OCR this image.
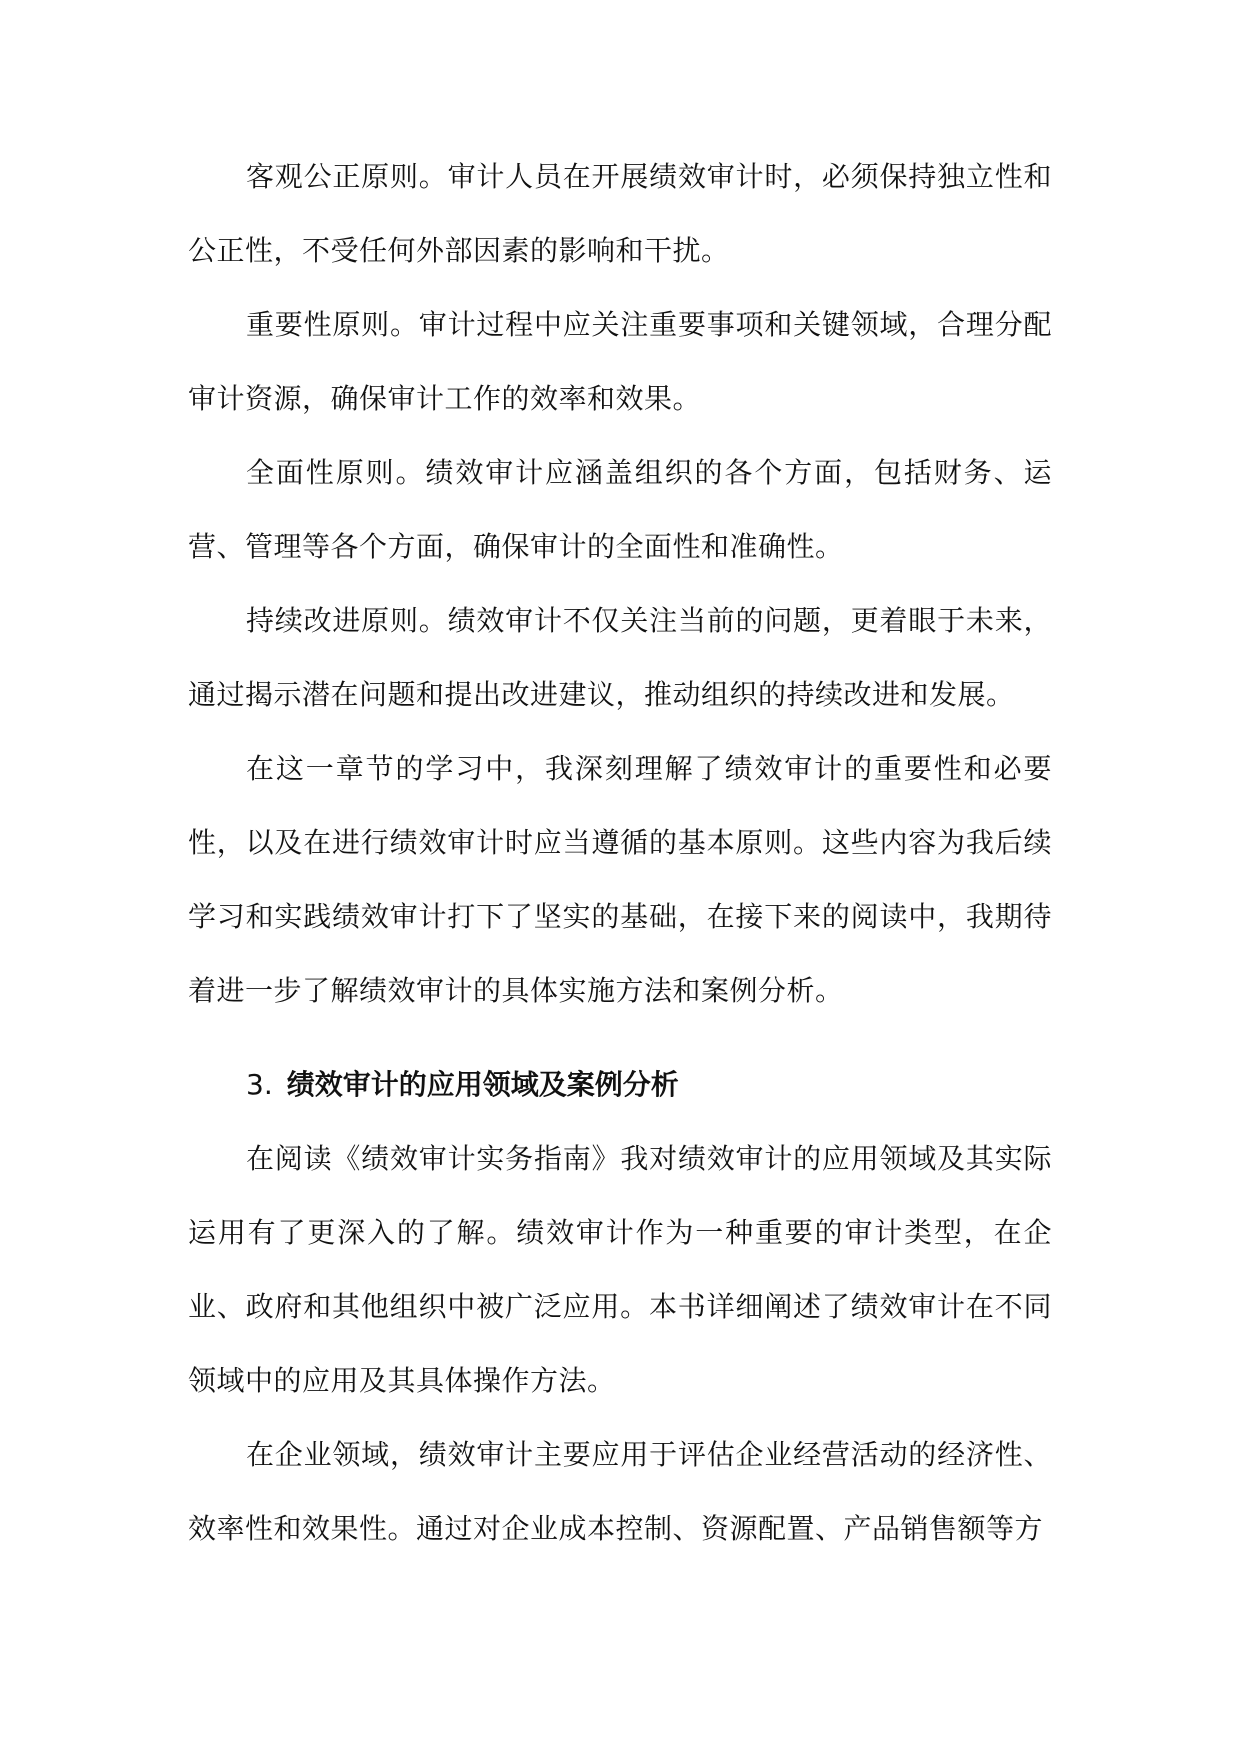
客观公正原则。审计人员在开展绩效审计时，必须保持独立性和公正性，不受任何外部因素的影响和干扰。

重要性原则。审计过程中应关注重要事项和关键领域，合理分配审计资源，确保审计工作的效率和效果。

全面性原则。绩效审计应涵盖组织的各个方面，包括财务、运营、管理等各个方面，确保审计的全面性和准确性。

持续改进原则。绩效审计不仅关注当前的问题，更着眼于未来，通过揭示潜在问题和提出改进建议，推动组织的持续改进和发展。

在这一章节的学习中，我深刻理解了绩效审计的重要性和必要性，以及在进行绩效审计时应当遵循的基本原则。这些内容为我后续学习和实践绩效审计打下了坚实的基础，在接下来的阅读中，我期待着进一步了解绩效审计的具体实施方法和案例分析。

3. 绩效审计的应用领域及案例分析

在阅读《绩效审计实务指南》我对绩效审计的应用领域及其实际运用有了更深入的了解。绩效审计作为一种重要的审计类型，在企业、政府和其他组织中被广泛应用。本书详细阐述了绩效审计在不同领域中的应用及其具体操作方法。

在企业领域，绩效审计主要应用于评估企业经营活动的经济性、效率性和效果性。通过对企业成本控制、资源配置、产品销售额等方
